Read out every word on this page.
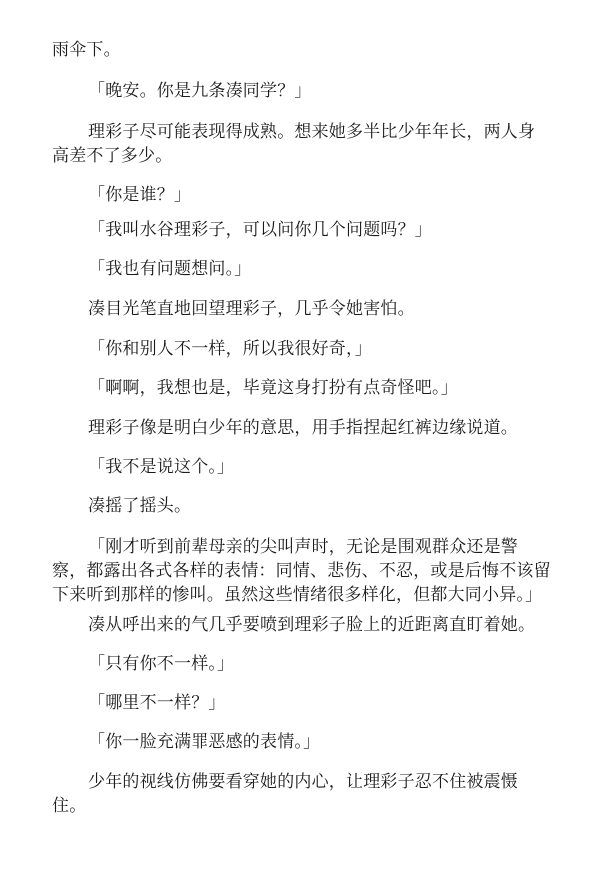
雨伞下。

「晚安。你是九条凑同学？」

理彩子尽可能表现得成熟。想来她多半比少年年长，两人身高差不了多少。

「你是谁？」

「我叫水谷理彩子，可以问你几个问题吗？」

「我也有问题想问。」

凑目光笔直地回望理彩子，几乎令她害怕。

「你和别人不一样，所以我很好奇，」

「啊啊，我想也是，毕竟这身打扮有点奇怪吧。」

理彩子像是明白少年的意思，用手指捏起红裤边缘说道。

「我不是说这个。」

凑摇了摇头。

「刚才听到前辈母亲的尖叫声时，无论是围观群众还是警察，都露出各式各样的表情：同情、悲伤、不忍，或是后悔不该留下来听到那样的惨叫。虽然这些情绪很多样化，但都大同小异。」

凑从呼出来的气几乎要喷到理彩子脸上的近距离直盯着她。

「只有你不一样。」

「哪里不一样？」

「你一脸充满罪恶感的表情。」

少年的视线仿佛要看穿她的内心，让理彩子忍不住被震慑住。
